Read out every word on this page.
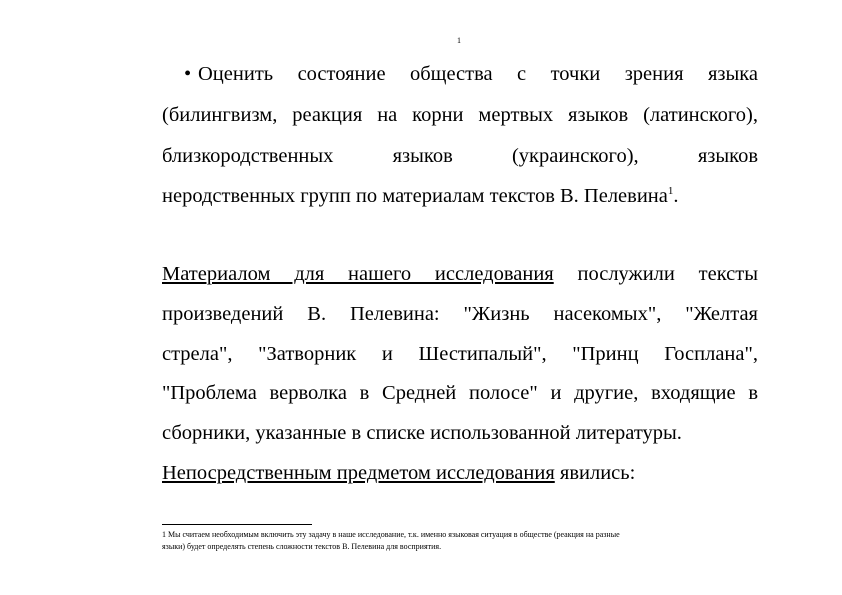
1
• Оценить состояние общества с точки зрения языка
(билингвизм, реакция на корни мертвых языков (латинского),
близкородственных языков (украинского), языков
неродственных групп по материалам текстов В. Пелевина$^1$.
Материалом для нашего исследования послужили тексты
произведений В. Пелевина: "Жизнь насекомых", "Желтая
стрела", "Затворник и Шестипалый", "Принц Госплана",
"Проблема верволка в Средней полосе" и другие, входящие в
сборники, указанные в списке использованной литературы.
Непосредственным предметом исследования явились:
1 Мы считаем необходимым включить эту задачу в наше исследование, т.к. именно языковая ситуация в обществе (реакция на разные
языки) будет определять степень сложности текстов В. Пелевина для восприятия.
